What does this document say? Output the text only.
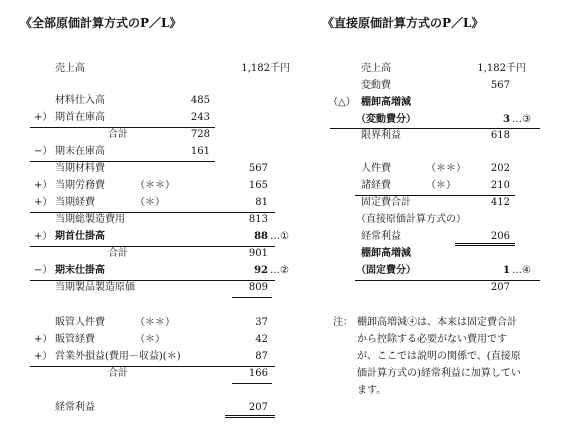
《全部原価計算方式のP／L》
売上高	1,182千円
材料仕入高	485
+） 期首在庫高	243
合計	728
−） 期末在庫高	161
当期材料費	567
+） 当期労務費	（＊＊）	165
+） 当期経費	（＊）	81
当期総製造費用	813
+） 期首仕掛高	88 …①
合計	901
−） 期末仕掛高	92 …②
当期製品製造原価	809
販管人件費	（＊＊）	37
+） 販管経費	（＊）	42
+） 営業外損益(費用－収益)(＊)	87
合計	166
経常利益	207
《直接原価計算方式のP／L》
売上高	1,182千円
変動費	567
（△） 棚卸高増減
（変動費分）	3 …③
限界利益	618
人件費	（＊＊）	202
諸経費	（＊）	210
固定費合計	412
（直接原価計算方式の）
経常利益	206
棚卸高増減
（固定費分）	1 …④
207
注： 棚卸高増減④は、本来は固定費合計
から控除する必要がない費用です
が、ここでは説明の関係で、(直接原
価計算方式の)経常利益に加算してい
ます。
